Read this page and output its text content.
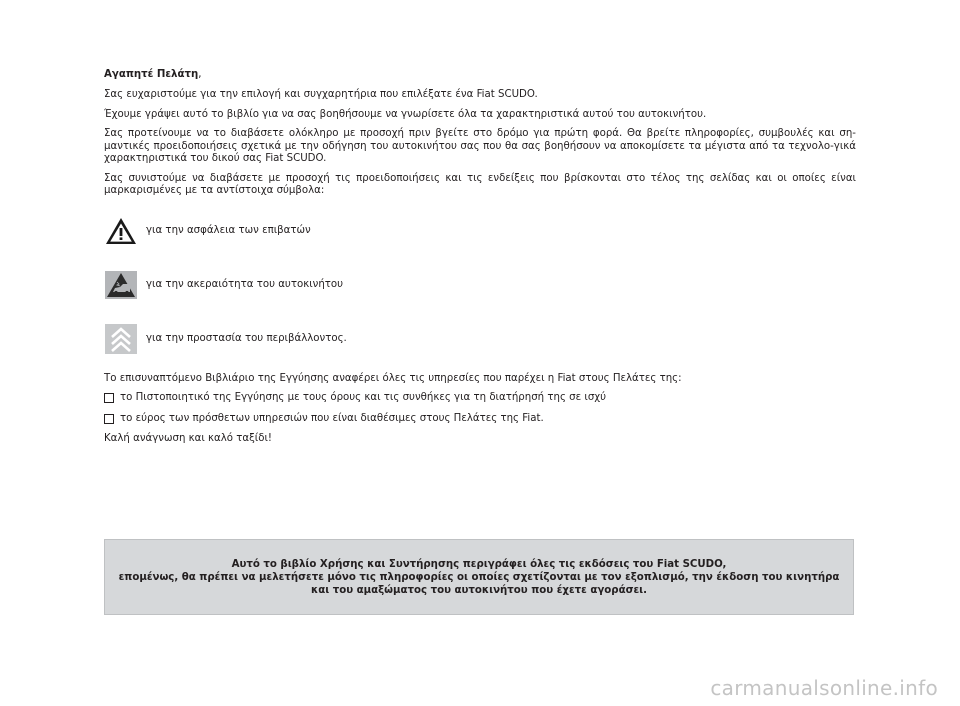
Αγαπητέ Πελάτη,

Σας ευχαριστούμε για την επιλογή και συγχαρητήρια που επιλέξατε ένα Fiat SCUDO.

Έχουμε γράψει αυτό το βιβλίο για να σας βοηθήσουμε να γνωρίσετε όλα τα χαρακτηριστικά αυτού του αυτοκινήτου.

Σας προτείνουμε να το διαβάσετε ολόκληρο με προσοχή πριν βγείτε στο δρόμο για πρώτη φορά. Θα βρείτε πληροφορίες, συμβουλές και ση-μαντικές προειδοποιήσεις σχετικά με την οδήγηση του αυτοκινήτου σας που θα σας βοηθήσουν να αποκομίσετε τα μέγιστα από τα τεχνολο-γικά χαρακτηριστικά του δικού σας Fiat SCUDO.

Σας συνιστούμε να διαβάσετε με προσοχή τις προειδοποιήσεις και τις ενδείξεις που βρίσκονται στο τέλος της σελίδας και οι οποίες είναι μαρκαρισμένες με τα αντίστοιχα σύμβολα:

για την ασφάλεια των επιβατών
για την ακεραιότητα του αυτοκινήτου
για την προστασία του περιβάλλοντος.

Το επισυναπτόμενο Βιβλιάριο της Εγγύησης αναφέρει όλες τις υπηρεσίες που παρέχει η Fiat στους Πελάτες της:

το Πιστοποιητικό της Εγγύησης με τους όρους και τις συνθήκες για τη διατήρησή της σε ισχύ
το εύρος των πρόσθετων υπηρεσιών που είναι διαθέσιμες στους Πελάτες της Fiat.

Καλή ανάγνωση και καλό ταξίδι!

Αυτό το βιβλίο Χρήσης και Συντήρησης περιγράφει όλες τις εκδόσεις του Fiat SCUDO,

επομένως, θα πρέπει να μελετήσετε μόνο τις πληροφορίες οι οποίες σχετίζονται με τον εξοπλισμό, την έκδοση του κινητήρα

και του αμαξώματος του αυτοκινήτου που έχετε αγοράσει.

carmanualsonline.info
